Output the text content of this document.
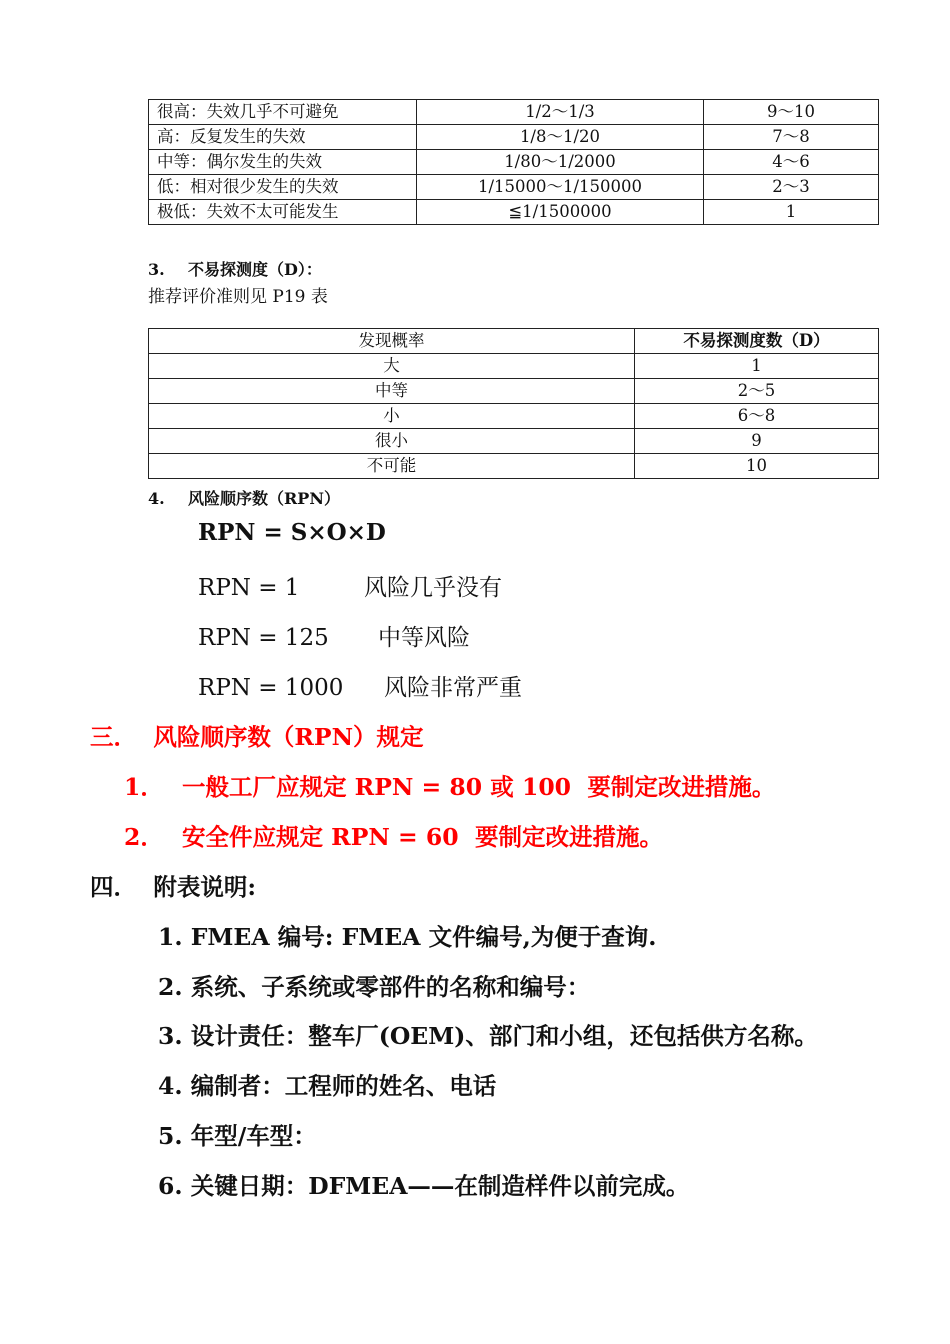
很高：失效几乎不可避免	1/2～1/3	9～10
高：反复发生的失效	1/8～1/20	7～8
中等：偶尔发生的失效	1/80～1/2000	4～6
低：相对很少发生的失效	1/15000～1/150000	2～3
极低：失效不太可能发生	≦1/1500000	1
3. 不易探测度（D）：
推荐评价准则见 P19 表
发现概率	不易探测度数（D）
大	1
中等	2～5
小	6～8
很小	9
不可能	10
4. 风险顺序数（RPN）
RPN = S×O×D
RPN = 1	风险几乎没有
RPN = 125 中等风险
RPN = 1000 风险非常严重
三．  风险顺序数（RPN）规定
1． 一般工厂应规定 RPN = 80 或 100  要制定改进措施。
2． 安全件应规定 RPN = 60  要制定改进措施。
四．  附表说明:
1. FMEA 编号: FMEA 文件编号,为便于查询.
2. 系统、子系统或零部件的名称和编号：
3. 设计责任：整车厂(OEM)、部门和小组，还包括供方名称。
4. 编制者：工程师的姓名、电话
5. 年型/车型：
6. 关键日期：DFMEA——在制造样件以前完成。
